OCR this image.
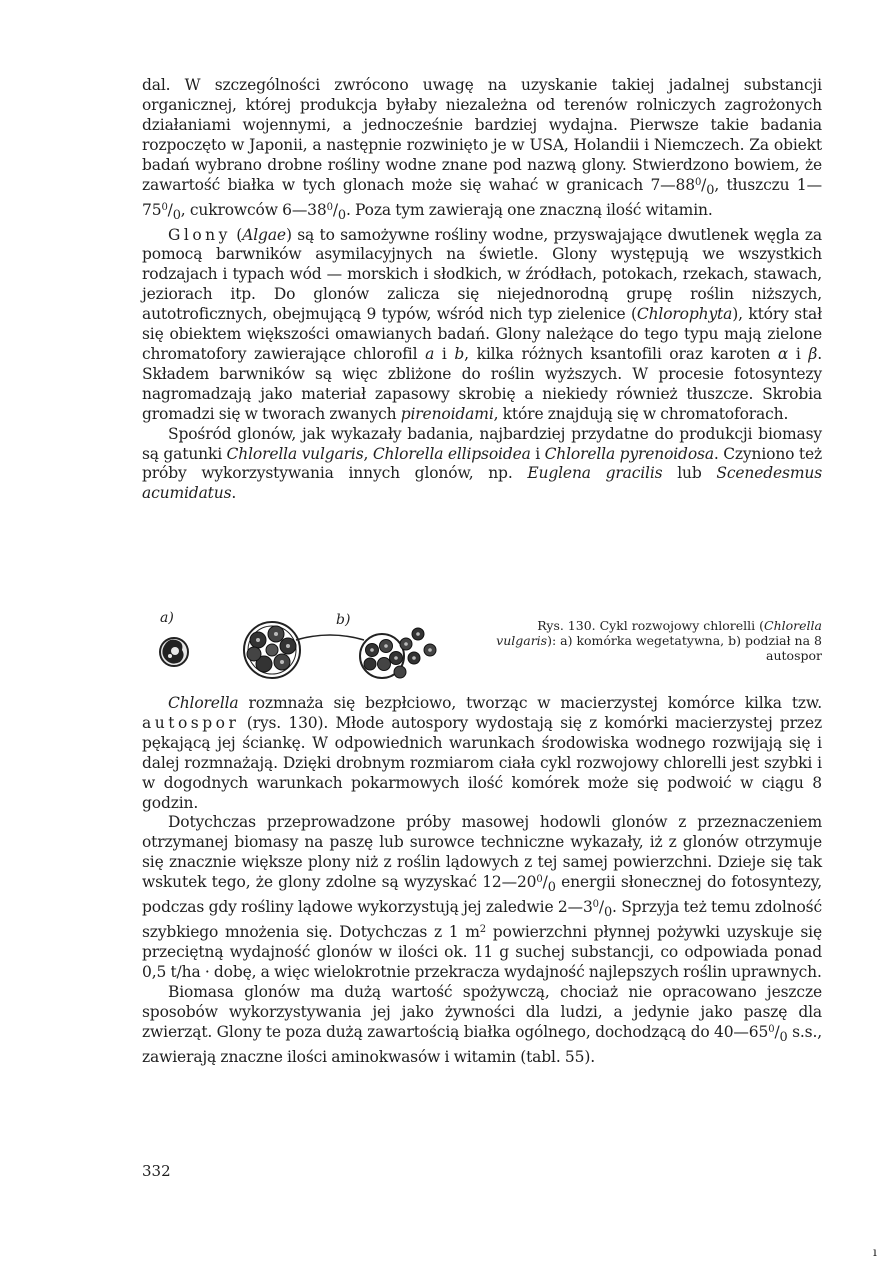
dal. W szczególności zwrócono uwagę na uzyskanie takiej jadalnej substancji organicznej, której produkcja byłaby niezależna od terenów rolniczych zagrożonych działaniami wojennymi, a jednocześnie bardziej wydajna. Pierwsze takie badania rozpoczęto w Japonii, a następnie rozwinięto je w USA, Holandii i Niemczech. Za obiekt badań wybrano drobne rośliny wodne znane pod nazwą glony. Stwierdzono bowiem, że zawartość białka w tych glonach może się wahać w granicach $7—88^0/_0$, tłuszczu $1—75^0/_0$, cukrowców $6—38^0/_0$. Poza tym zawierają one znaczną ilość witamin.

Glony (Algae) są to samożywne rośliny wodne, przyswajające dwutlenek węgla za pomocą barwników asymilacyjnych na świetle. Glony występują we wszystkich rodzajach i typach wód — morskich i słodkich, w źródłach, potokach, rzekach, stawach, jeziorach itp. Do glonów zalicza się niejednorodną grupę roślin niższych, autotroficznych, obejmującą 9 typów, wśród nich typ zielenice (Chlorophyta), który stał się obiektem większości omawianych badań. Glony należące do tego typu mają zielone chromatofory zawierające chlorofil a i b, kilka różnych ksantofili oraz karoten α i β. Składem barwników są więc zbliżone do roślin wyższych. W procesie fotosyntezy nagromadzają jako materiał zapasowy skrobię a niekiedy również tłuszcze. Skrobia gromadzi się w tworach zwanych pirenoidami, które znajdują się w chromatoforach.

Spośród glonów, jak wykazały badania, najbardziej przydatne do produkcji biomasy są gatunki Chlorella vulgaris, Chlorella ellipsoidea i Chlorella pyrenoidosa. Czyniono też próby wykorzystywania innych glonów, np. Euglena gracilis lub Scenedesmus acumidatus.

a)	b)	Rys. 130. Cykl rozwojowy chlorelli (Chlorella vulgaris): a) komórka wegetatywna, b) podział na 8 autospor

Chlorella rozmnaża się bezpłciowo, tworząc w macierzystej komórce kilka tzw. autospor (rys. 130). Młode autospory wydostają się z komórki macierzystej przez pękającą jej ściankę. W odpowiednich warunkach środowiska wodnego rozwijają się i dalej rozmnażają. Dzięki drobnym rozmiarom ciała cykl rozwojowy chlorelli jest szybki i w dogodnych warunkach pokarmowych ilość komórek może się podwoić w ciągu 8 godzin.

Dotychczas przeprowadzone próby masowej hodowli glonów z przeznaczeniem otrzymanej biomasy na paszę lub surowce techniczne wykazały, iż z glonów otrzymuje się znacznie większe plony niż z roślin lądowych z tej samej powierzchni. Dzieje się tak wskutek tego, że glony zdolne są wyzyskać $12—20^0/_0$ energii słonecznej do fotosyntezy, podczas gdy rośliny lądowe wykorzystują jej zaledwie $2—3^0/_0$. Sprzyja też temu zdolność szybkiego mnożenia się. Dotychczas z 1 $m^2$ powierzchni płynnej pożywki uzyskuje się przeciętną wydajność glonów w ilości ok. 11 g suchej substancji, co odpowiada ponad 0,5 t/ha · dobę, a więc wielokrotnie przekracza wydajność najlepszych roślin uprawnych.

Biomasa glonów ma dużą wartość spożywczą, chociaż nie opracowano jeszcze sposobów wykorzystywania jej jako żywności dla ludzi, a jedynie jako paszę dla zwierząt. Glony te poza dużą zawartością białka ogólnego, dochodzącą do $40—65^0/_0$ s.s., zawierają znaczne ilości aminokwasów i witamin (tabl. 55).

332

ı
